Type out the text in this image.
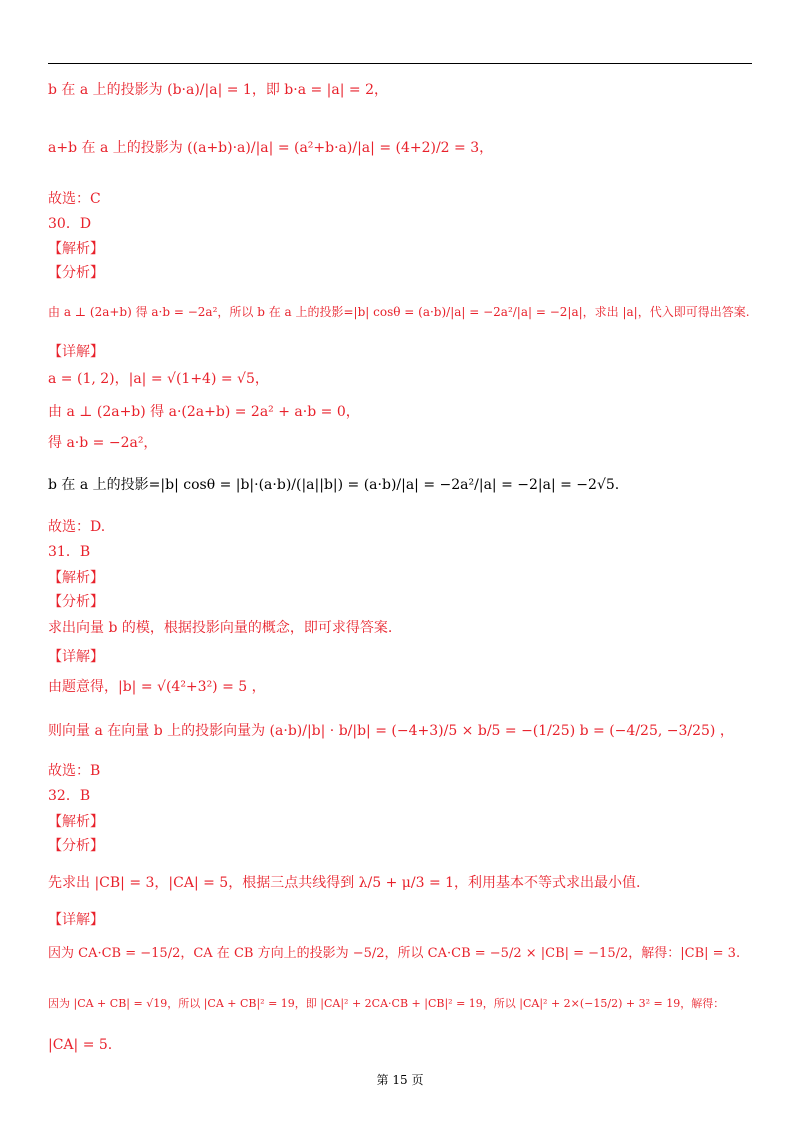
b 在 a 上的投影为 (b·a)/|a| = 1，即 b·a = |a| = 2，
a+b 在 a 上的投影为 ((a+b)·a)/|a| = (a²+b·a)/|a| = (4+2)/2 = 3，
故选：C
30．D
【解析】
【分析】
由 a ⊥ (2a+b) 得 a·b = −2a²，所以 b 在 a 上的投影=|b| cosθ = (a·b)/|a| = −2a²/|a| = −2|a|，求出 |a|，代入即可得出答案.
【详解】
a = (1, 2)，|a| = √(1+4) = √5，
由 a ⊥ (2a+b) 得 a·(2a+b) = 2a² + a·b = 0，
得 a·b = −2a²，
b 在 a 上的投影=|b| cosθ = |b|·(a·b)/(|a||b|) = (a·b)/|a| = −2a²/|a| = −2|a| = −2√5.
故选：D.
31．B
【解析】
【分析】
求出向量 b 的模，根据投影向量的概念，即可求得答案.
【详解】
由题意得，|b| = √(4²+3²) = 5 ，
则向量 a 在向量 b 上的投影向量为 (a·b)/|b| · b/|b| = (−4+3)/5 × b/5 = −(1/25) b = (−4/25, −3/25) ，
故选：B
32．B
【解析】
【分析】
先求出 |CB| = 3，|CA| = 5，根据三点共线得到 λ/5 + μ/3 = 1，利用基本不等式求出最小值.
【详解】
因为 CA·CB = −15/2，CA 在 CB 方向上的投影为 −5/2，所以 CA·CB = −5/2 × |CB| = −15/2，解得：|CB| = 3.
因为 |CA + CB| = √19，所以 |CA + CB|² = 19，即 |CA|² + 2CA·CB + |CB|² = 19，所以 |CA|² + 2×(−15/2) + 3² = 19，解得：
|CA| = 5.
第 15 页
